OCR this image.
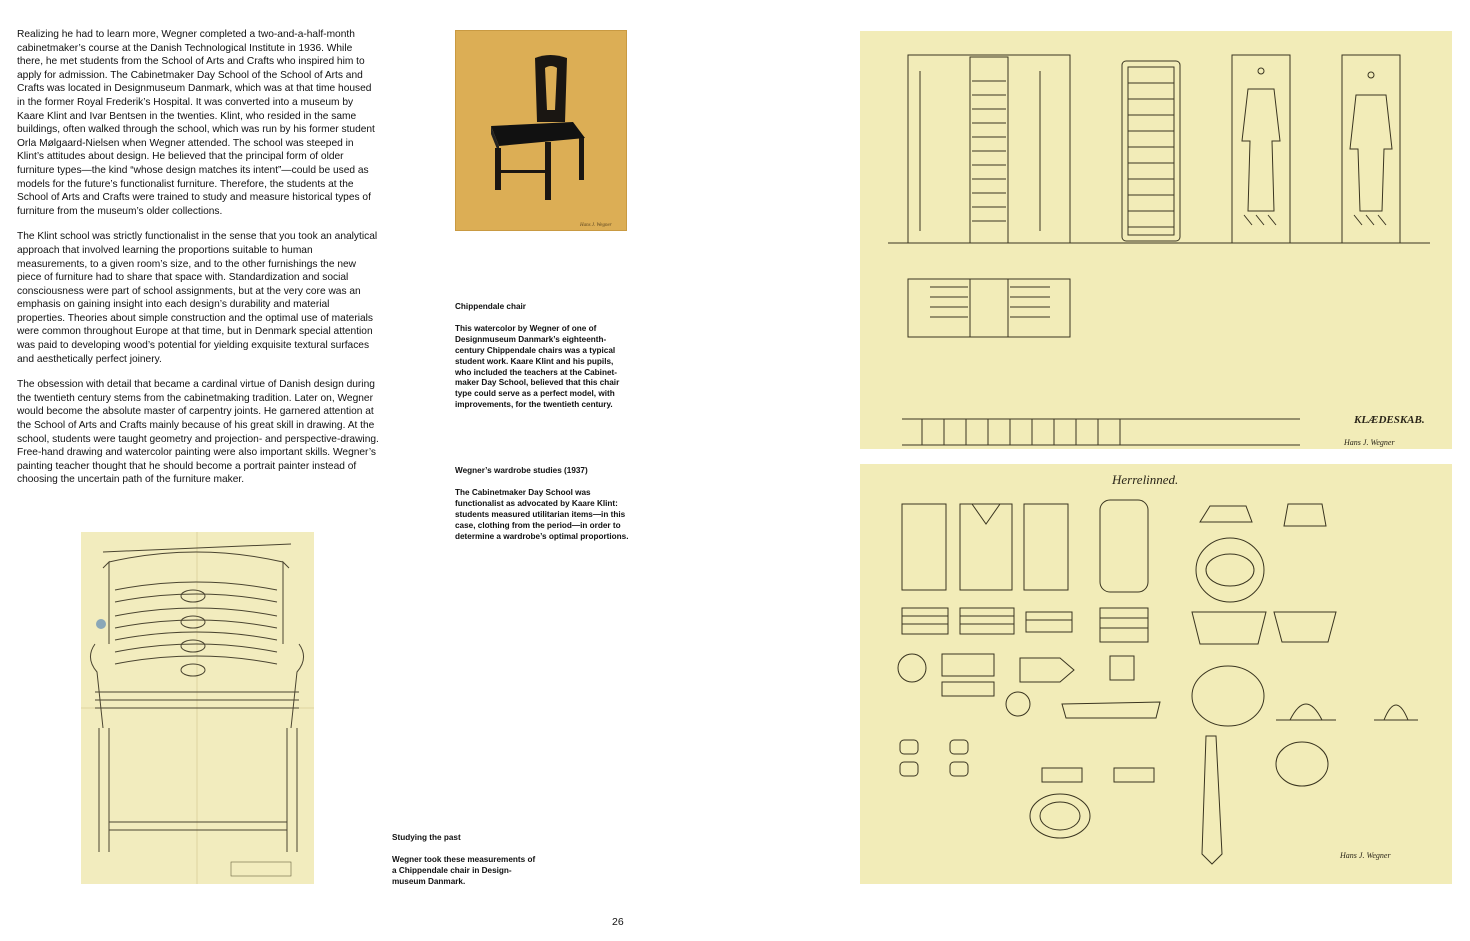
Realizing he had to learn more, Wegner completed a two-and-a-half-month cabinetmaker’s course at the Danish Technological Institute in 1936. While there, he met students from the School of Arts and Crafts who inspired him to apply for admission. The Cabinetmaker Day School of the School of Arts and Crafts was located in Designmuseum Danmark, which was at that time housed in the former Royal Frederik’s Hospital. It was converted into a museum by Kaare Klint and Ivar Bentsen in the twenties. Klint, who resided in the same buildings, often walked through the school, which was run by his former student Orla Mølgaard-Nielsen when Wegner attended. The school was steeped in Klint’s attitudes about design. He believed that the principal form of older furniture types—the kind “whose design matches its intent”—could be used as models for the future’s functionalist furniture. Therefore, the students at the School of Arts and Crafts were trained to study and measure historical types of furniture from the museum’s older collections.

The Klint school was strictly functionalist in the sense that you took an analytical approach that involved learning the proportions suitable to human measurements, to a given room’s size, and to the other furnishings the new piece of furniture had to share that space with. Standardization and social consciousness were part of school assignments, but at the very core was an emphasis on gaining insight into each design’s durability and material properties. Theories about simple construction and the optimal use of materials were common throughout Europe at that time, but in Denmark special attention was paid to developing wood’s potential for yielding exquisite textural surfaces and aesthetically perfect joinery.

The obsession with detail that became a cardinal virtue of Danish design during the twentieth century stems from the cabinetmaking tradition. Later on, Wegner would become the absolute master of carpentry joints. He garnered attention at the School of Arts and Crafts mainly because of his great skill in drawing. At the school, students were taught geometry and projection- and perspective-drawing. Free-hand drawing and watercolor painting were also important skills. Wegner’s painting teacher thought that he should become a portrait painter instead of choosing the uncertain path of the furniture maker.

Hans J. Wegner

Chippendale chair

This watercolor by Wegner of one of Designmuseum Danmark’s eighteenth-century Chippendale chairs was a typical student work. Kaare Klint and his pupils, who included the teachers at the Cabinet-maker Day School, believed that this chair type could serve as a perfect model, with improvements, for the twentieth century.

Wegner’s wardrobe studies (1937)

The Cabinetmaker Day School was functionalist as advocated by Kaare Klint: students measured utilitarian items—in this case, clothing from the period—in order to determine a wardrobe’s optimal proportions.

Studying the past

Wegner took these measurements of a Chippendale chair in Design-museum Danmark.

KLÆDESKAB.
Hans J. Wegner
Herrelinned.
Hans J. Wegner
26
